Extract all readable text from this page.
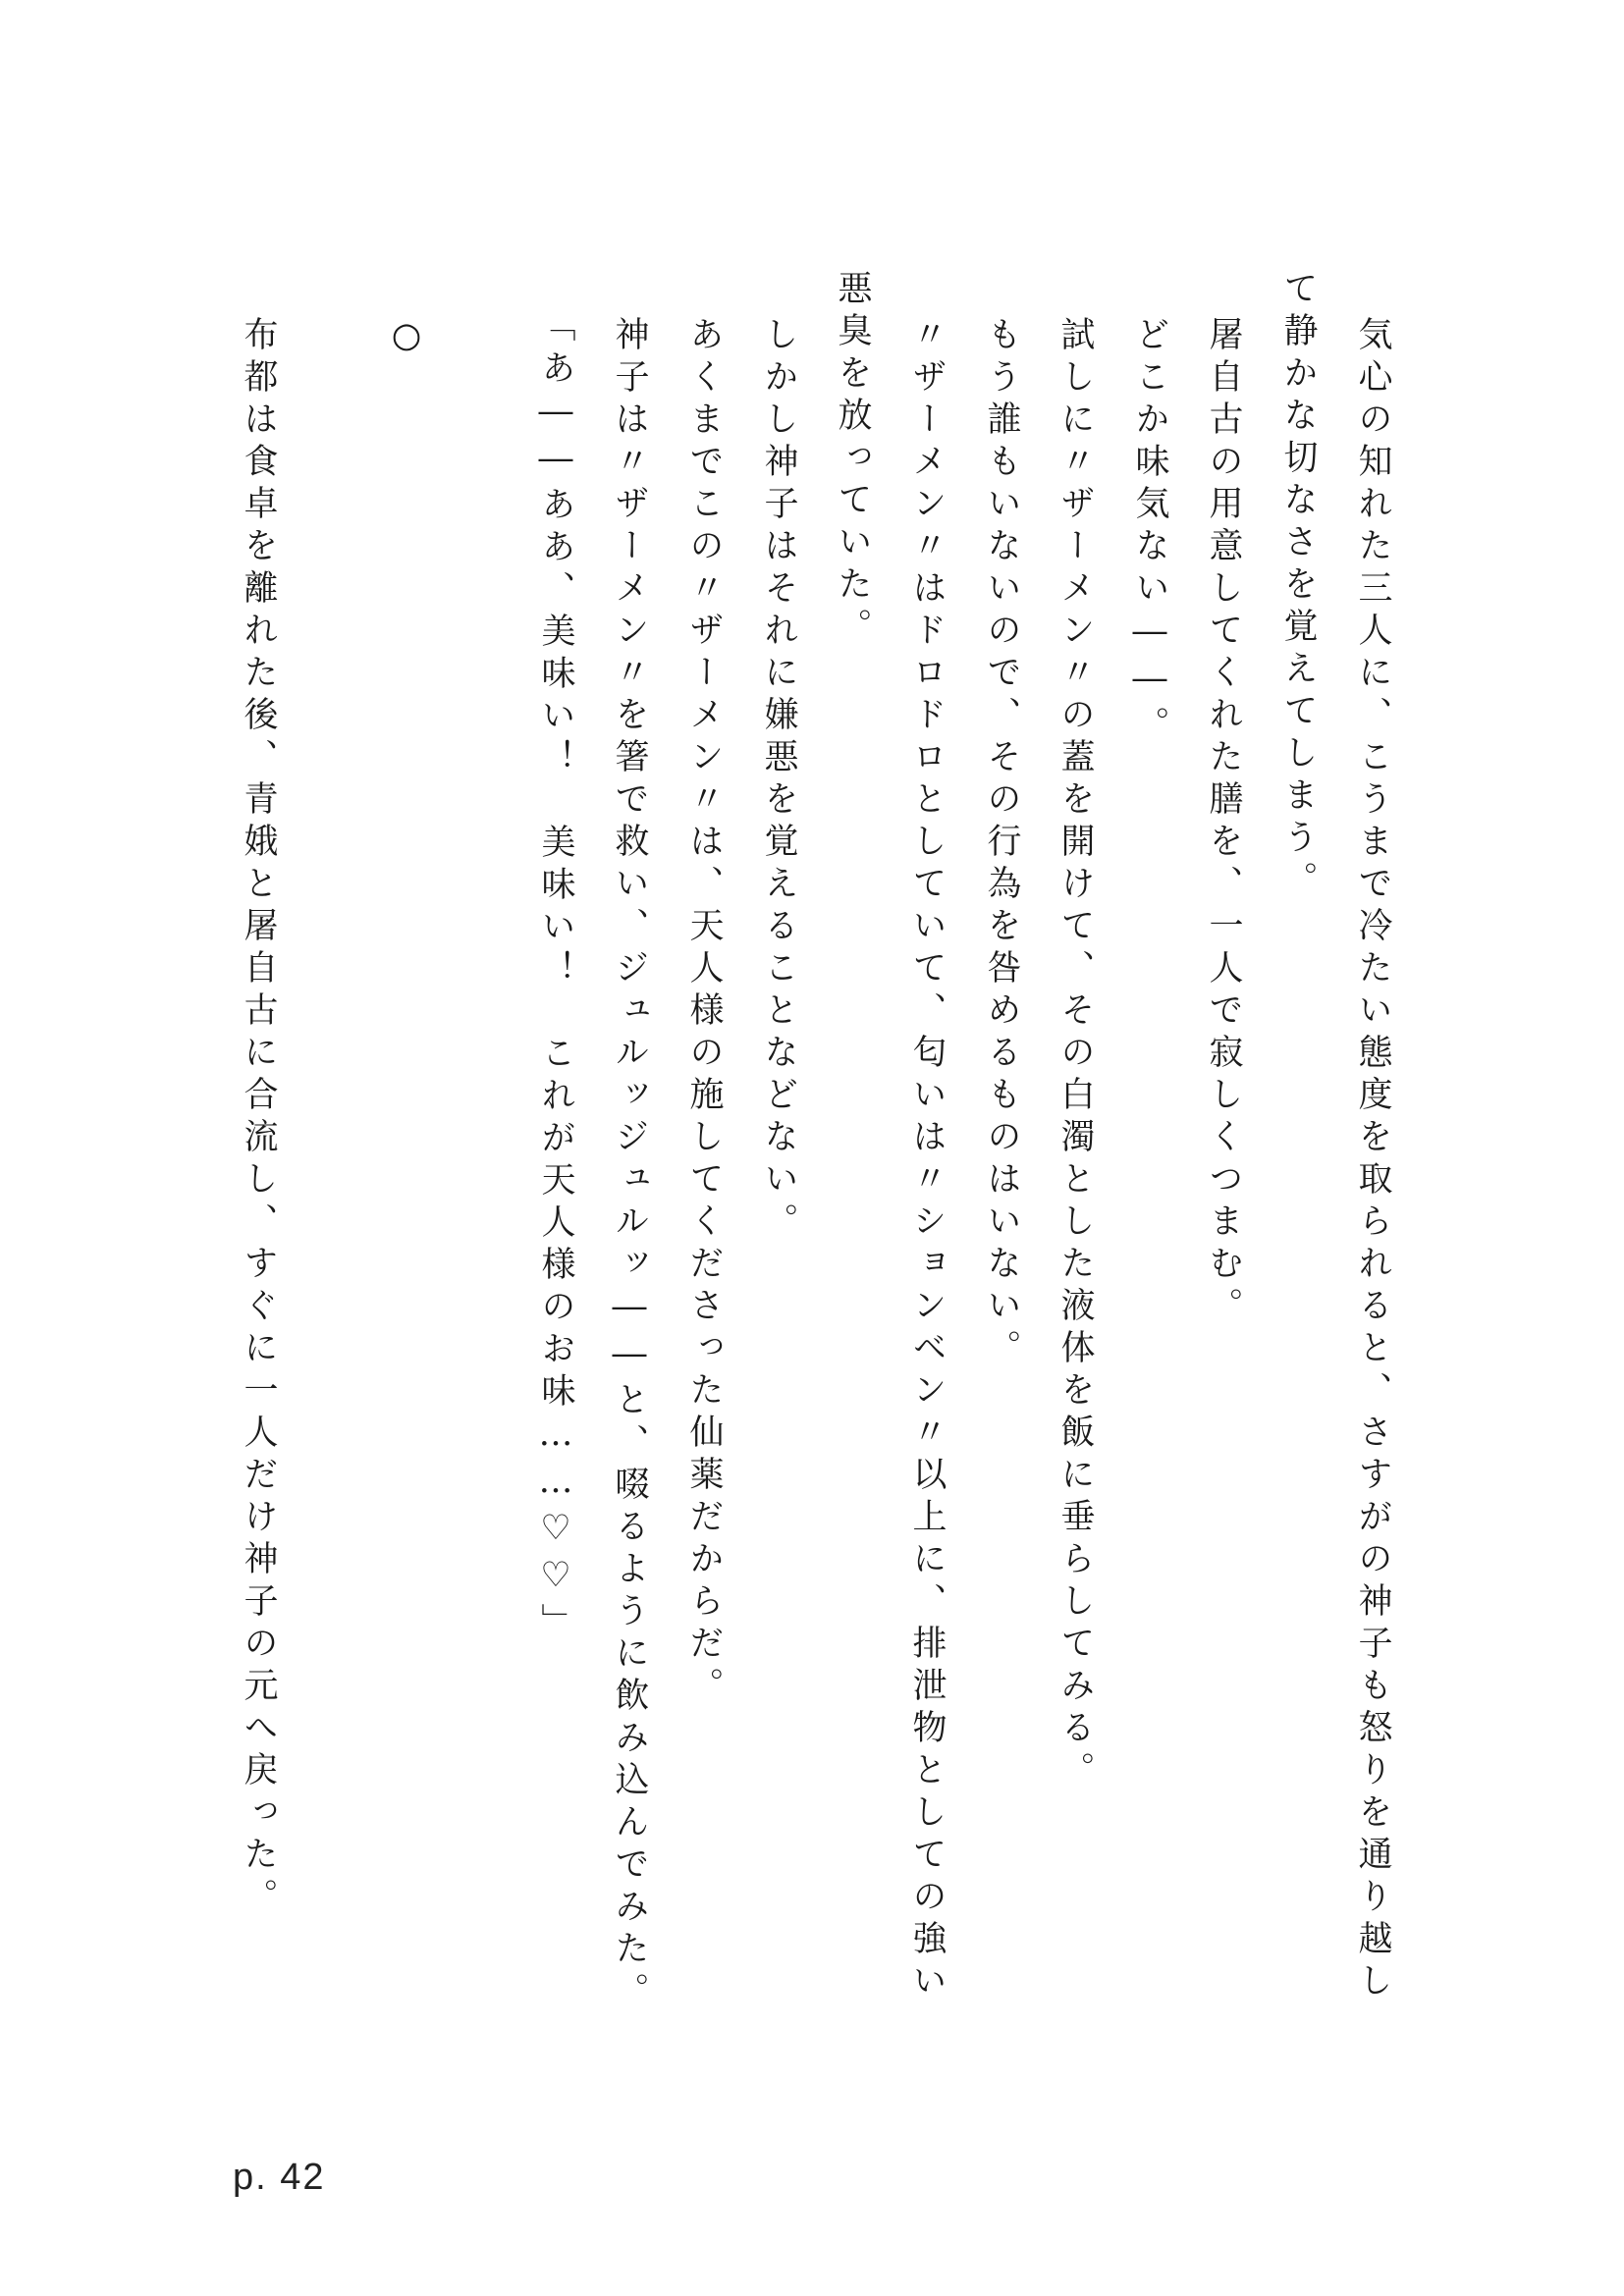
気心の知れた三人に、こうまで冷たい態度を取られると、さすがの神子も怒りを通り越し
て静かな切なさを覚えてしまう。
屠自古の用意してくれた膳を、一人で寂しくつまむ。
どこか味気ない――。
試しに〃ザーメン〃の蓋を開けて、その白濁とした液体を飯に垂らしてみる。
もう誰もいないので、その行為を咎めるものはいない。
〃ザーメン〃はドロドロとしていて、匂いは〃ションベン〃以上に、排泄物としての強い
悪臭を放っていた。
しかし神子はそれに嫌悪を覚えることなどない。
あくまでこの〃ザーメン〃は、天人様の施してくださった仙薬だからだ。
神子は〃ザーメン〃を箸で救い、ジュルッジュルッ――と、啜るように飲み込んでみた。
「あ――ああ、美味い！　美味い！　これが天人様のお味……♡♡」
○
布都は食卓を離れた後、青娥と屠自古に合流し、すぐに一人だけ神子の元へ戻った。
p. 42
